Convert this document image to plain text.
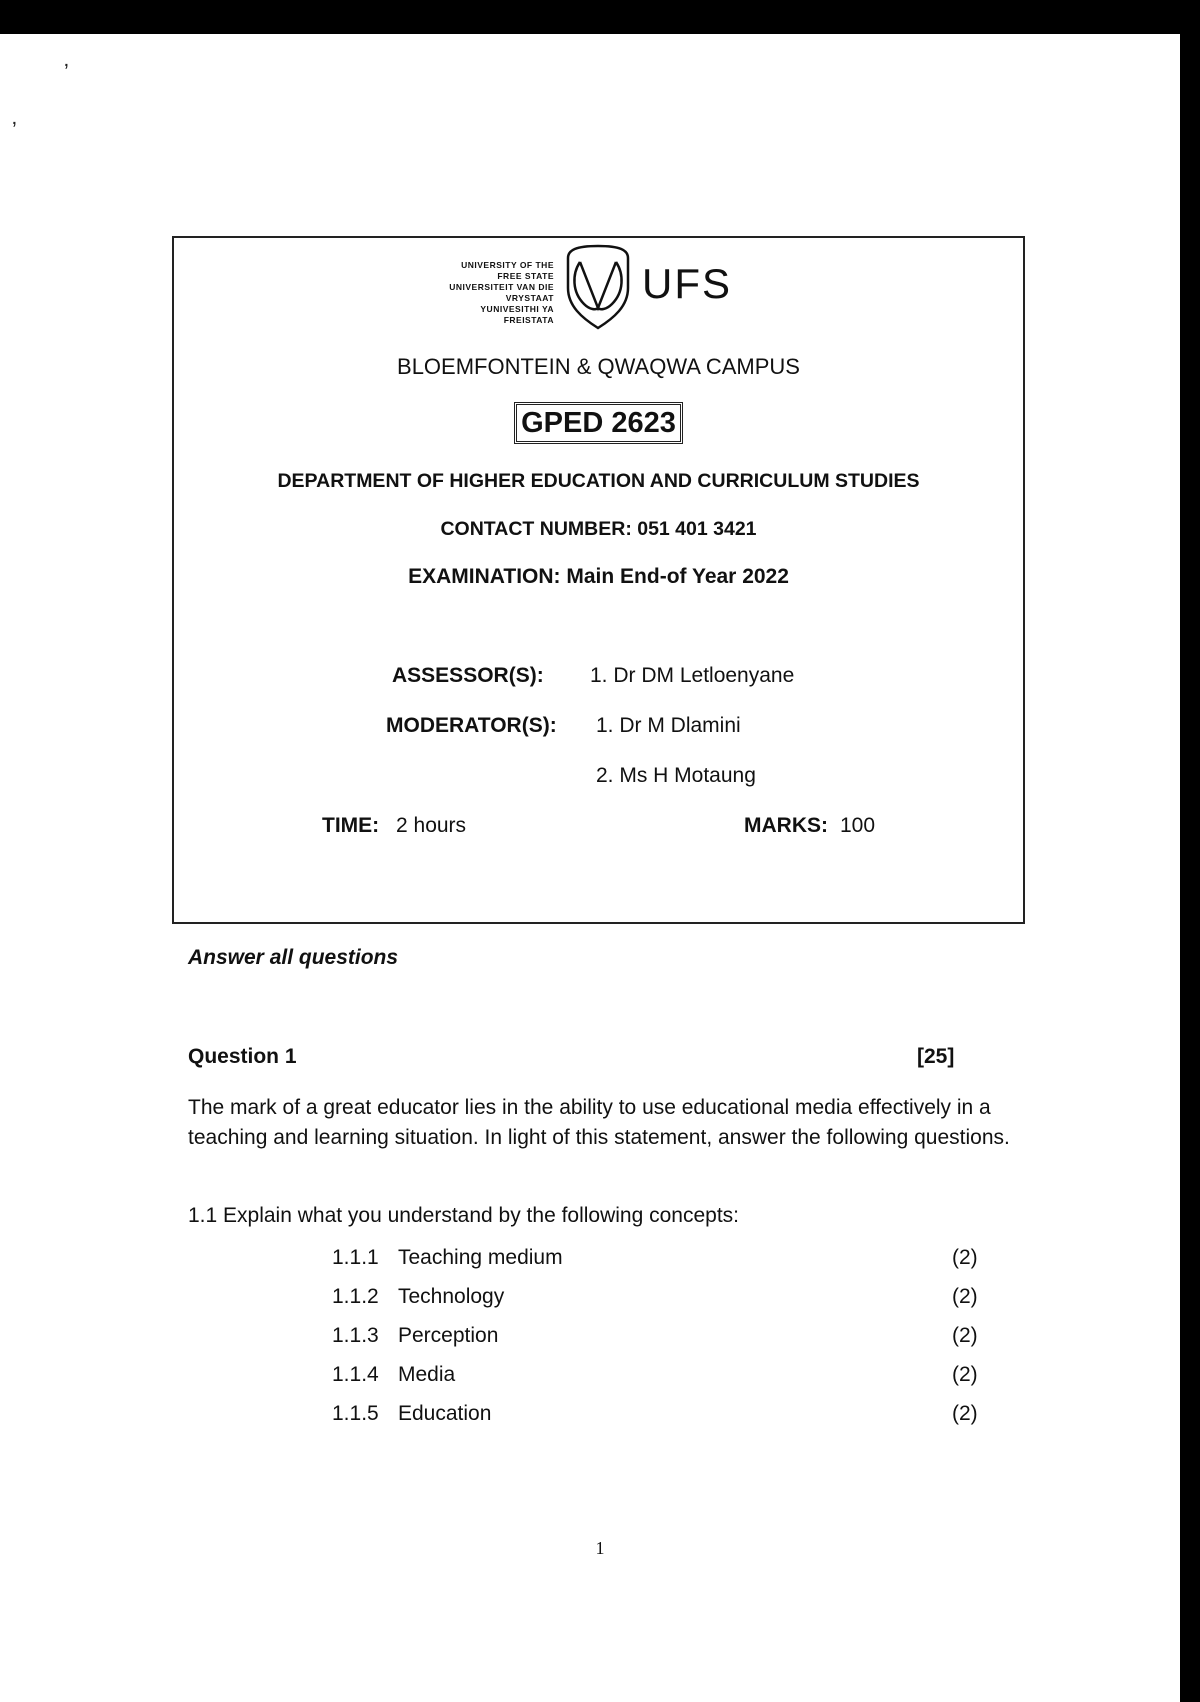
ʼ
ʼ
UNIVERSITY OF THE
FREE STATE
UNIVERSITEIT VAN DIE
VRYSTAAT
YUNIVESITHI YA
FREISTATA
UFS
BLOEMFONTEIN & QWAQWA CAMPUS
GPED 2623
DEPARTMENT OF HIGHER EDUCATION AND CURRICULUM STUDIES
CONTACT NUMBER: 051 401 3421
EXAMINATION: Main End-of Year 2022
ASSESSOR(S): 1. Dr DM Letloenyane
MODERATOR(S): 1. Dr M Dlamini
2. Ms H Motaung
TIME: 2 hours	MARKS: 100
Answer all questions
Question 1	[25]
The mark of a great educator lies in the ability to use educational media effectively in a teaching and learning situation. In light of this statement, answer the following questions.
1.1 Explain what you understand by the following concepts:
1.1.1 Teaching medium	(2)
1.1.2 Technology	(2)
1.1.3 Perception	(2)
1.1.4 Media	(2)
1.1.5 Education	(2)
1
